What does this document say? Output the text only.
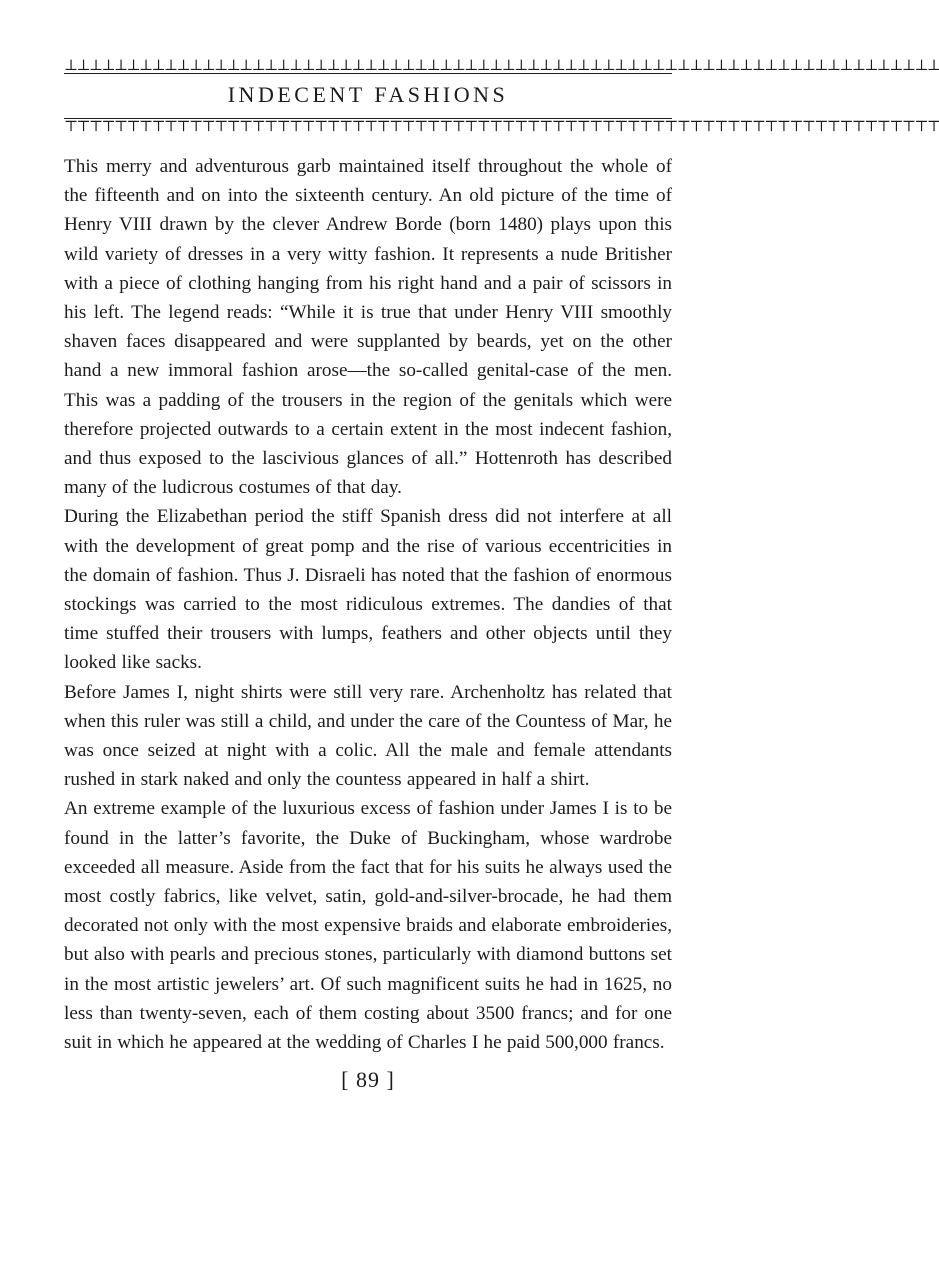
⊥⊥⊥⊥⊥⊥⊥⊥⊥⊥⊥⊥⊥⊥⊥⊥⊥⊥⊥⊥⊥⊥⊥⊥⊥⊥⊥⊥⊥⊥⊥⊥⊥⊥⊥⊥⊥⊥⊥⊥⊥⊥⊥⊥⊥⊥⊥⊥⊥⊥⊥⊥⊥⊥⊥⊥⊥⊥⊥⊥⊥⊥⊥⊥⊥⊥⊥⊥⊥⊥
INDECENT FASHIONS
⊤⊤⊤⊤⊤⊤⊤⊤⊤⊤⊤⊤⊤⊤⊤⊤⊤⊤⊤⊤⊤⊤⊤⊤⊤⊤⊤⊤⊤⊤⊤⊤⊤⊤⊤⊤⊤⊤⊤⊤⊤⊤⊤⊤⊤⊤⊤⊤⊤⊤⊤⊤⊤⊤⊤⊤⊤⊤⊤⊤⊤⊤⊤⊤⊤⊤⊤⊤⊤⊤

This merry and adventurous garb maintained itself throughout the whole of the fifteenth and on into the sixteenth century. An old picture of the time of Henry VIII drawn by the clever Andrew Borde (born 1480) plays upon this wild variety of dresses in a very witty fashion. It represents a nude Britisher with a piece of clothing hanging from his right hand and a pair of scissors in his left. The legend reads: “While it is true that under Henry VIII smoothly shaven faces disappeared and were supplanted by beards, yet on the other hand a new immoral fashion arose—the so-called genital-case of the men. This was a padding of the trousers in the region of the genitals which were therefore projected outwards to a certain extent in the most indecent fashion, and thus exposed to the lascivious glances of all.” Hottenroth has described many of the ludicrous costumes of that day.

During the Elizabethan period the stiff Spanish dress did not interfere at all with the development of great pomp and the rise of various eccentricities in the domain of fashion. Thus J. Disraeli has noted that the fashion of enormous stockings was carried to the most ridiculous extremes. The dandies of that time stuffed their trousers with lumps, feathers and other objects until they looked like sacks.

Before James I, night shirts were still very rare. Archenholtz has related that when this ruler was still a child, and under the care of the Countess of Mar, he was once seized at night with a colic. All the male and female attendants rushed in stark naked and only the countess appeared in half a shirt.

An extreme example of the luxurious excess of fashion under James I is to be found in the latter’s favorite, the Duke of Buckingham, whose wardrobe exceeded all measure. Aside from the fact that for his suits he always used the most costly fabrics, like velvet, satin, gold-and-silver-brocade, he had them decorated not only with the most expensive braids and elaborate embroideries, but also with pearls and precious stones, particularly with diamond buttons set in the most artistic jewelers’ art. Of such magnificent suits he had in 1625, no less than twenty-seven, each of them costing about 3500 francs; and for one suit in which he appeared at the wedding of Charles I he paid 500,000 francs.

[ 89 ]
